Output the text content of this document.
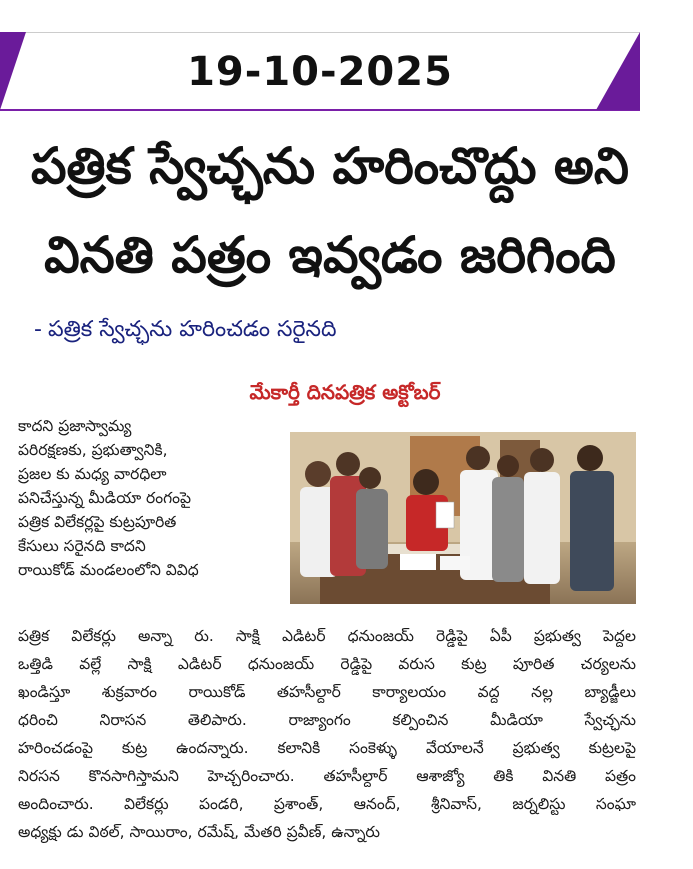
19-10-2025
పత్రిక స్వేచ్ఛను హరించొద్దు అని
వినతి పత్రం ఇవ్వడం జరిగింది
- పత్రిక స్వేచ్ఛను హరించడం సరైనది
మేకార్తీ దినపత్రిక అక్టోబర్
కాదని ప్రజాస్వామ్య
పరిరక్షణకు, ప్రభుత్వానికి,
ప్రజల కు మధ్య వారధిలా
పనిచేస్తున్న మీడియా రంగంపై
పత్రిక విలేకర్లపై కుట్రపూరిత
కేసులు సరైనది కాదని
రాయికోడ్ మండలంలోని వివిధ
పత్రిక విలేకర్లు అన్నా రు. సాక్షి ఎడిటర్ ధనుంజయ్ రెడ్డిపై ఏపీ ప్రభుత్వ పెద్దల
ఒత్తిడి వల్లే సాక్షి ఎడిటర్ ధనుంజయ్ రెడ్డిపై వరుస కుట్ర పూరిత చర్యలను
ఖండిస్తూ శుక్రవారం రాయికోడ్ తహసీల్దార్ కార్యాలయం వద్ద నల్ల బ్యాడ్జీలు
ధరించి నిరాసన తెలిపారు. రాజ్యాంగం కల్పించిన మీడియా స్వేచ్ఛను
హరించడంపై కుట్ర ఉందన్నారు. కలానికి సంకెళ్ళు వేయాలనే ప్రభుత్వ కుట్రలపై
నిరసన కొనసాగిస్తామని హెచ్చరించారు. తహసీల్దార్ ఆశాజ్యో తికి వినతి పత్రం
అందించారు. విలేకర్లు పండరి, ప్రశాంత్, ఆనంద్, శ్రీనివాస్, జర్నలిస్టు సంఘా
అధ్యక్షు డు విఠల్, సాయిరాం, రమేష్, మేతరి ప్రవీణ్, ఉన్నారు
